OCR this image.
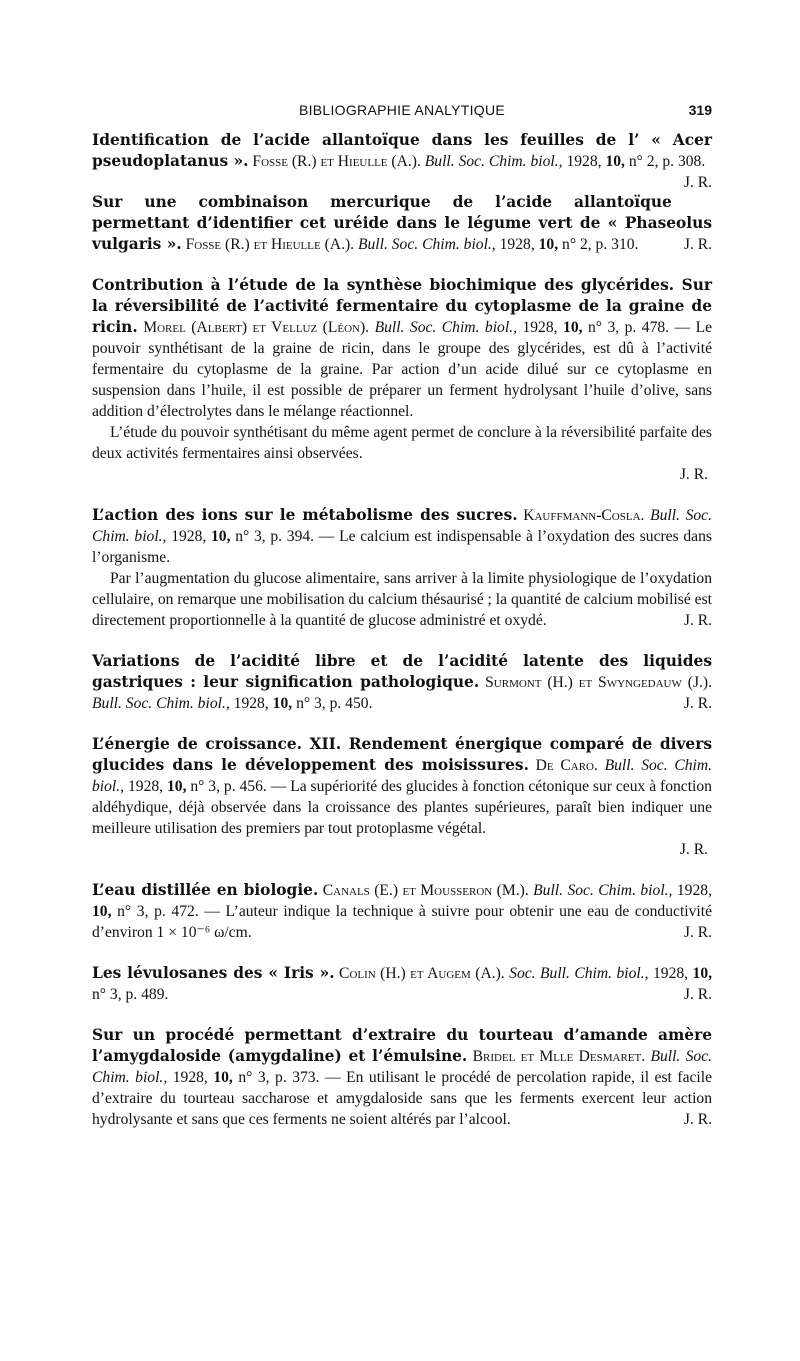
BIBLIOGRAPHIE ANALYTIQUE	319

Identification de l’acide allantoïque dans les feuilles de l’ « Acer pseudoplatanus ». Fosse (R.) et Hieulle (A.). Bull. Soc. Chim. biol., 1928, 10, n° 2, p. 308.
J. R.

Sur une combinaison mercurique de l’acide allantoïque permettant d’identifier cet uréide dans le légume vert de « Phaseolus vulgaris ». Fosse (R.) et Hieulle (A.). Bull. Soc. Chim. biol., 1928, 10, n° 2, p. 310.	J. R.

Contribution à l’étude de la synthèse biochimique des glycérides. Sur la réversibilité de l’activité fermentaire du cytoplasme de la graine de ricin. Morel (Albert) et Velluz (Léon). Bull. Soc. Chim. biol., 1928, 10, n° 3, p. 478. — Le pouvoir synthétisant de la graine de ricin, dans le groupe des glycérides, est dû à l’activité fermentaire du cytoplasme de la graine. Par action d’un acide dilué sur ce cytoplasme en suspension dans l’huile, il est possible de préparer un ferment hydrolysant l’huile d’olive, sans addition d’électrolytes dans le mélange réactionnel.

L’étude du pouvoir synthétisant du même agent permet de conclure à la réversibilité parfaite des deux activités fermentaires ainsi observées.

J. R.

L’action des ions sur le métabolisme des sucres. Kauffmann-Cosla. Bull. Soc. Chim. biol., 1928, 10, n° 3, p. 394. — Le calcium est indispensable à l’oxydation des sucres dans l’organisme.

Par l’augmentation du glucose alimentaire, sans arriver à la limite physiologique de l’oxydation cellulaire, on remarque une mobilisation du calcium thésaurisé ; la quantité de calcium mobilisé est directement proportionnelle à la quantité de glucose administré et oxydé.	J. R.

Variations de l’acidité libre et de l’acidité latente des liquides gastriques : leur signification pathologique. Surmont (H.) et Swyngedauw (J.). Bull. Soc. Chim. biol., 1928, 10, n° 3, p. 450.	J. R.

L’énergie de croissance. XII. Rendement énergique comparé de divers glucides dans le développement des moisissures. De Caro. Bull. Soc. Chim. biol., 1928, 10, n° 3, p. 456. — La supériorité des glucides à fonction cétonique sur ceux à fonction aldéhydique, déjà observée dans la croissance des plantes supérieures, paraît bien indiquer une meilleure utilisation des premiers par tout protoplasme végétal.

J. R.

L’eau distillée en biologie. Canals (E.) et Mousseron (M.). Bull. Soc. Chim. biol., 1928, 10, n° 3, p. 472. — L’auteur indique la technique à suivre pour obtenir une eau de conductivité d’environ 1 × 10⁻⁶ ω/cm.	J. R.

Les lévulosanes des « Iris ». Colin (H.) et Augem (A.). Soc. Bull. Chim. biol., 1928, 10, n° 3, p. 489.	J. R.

Sur un procédé permettant d’extraire du tourteau d’amande amère l’amygdaloside (amygdaline) et l’émulsine. Bridel et Mlle Desmaret. Bull. Soc. Chim. biol., 1928, 10, n° 3, p. 373. — En utilisant le procédé de percolation rapide, il est facile d’extraire du tourteau saccharose et amygdaloside sans que les ferments exercent leur action hydrolysante et sans que ces ferments ne soient altérés par l’alcool.	J. R.
